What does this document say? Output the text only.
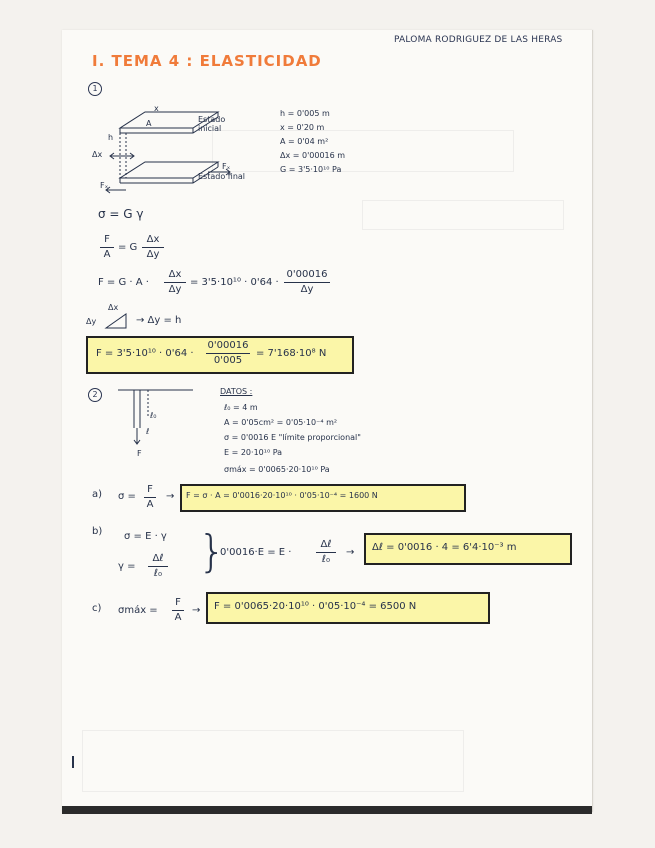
PALOMA RODRIGUEZ DE LAS HERAS
I. TEMA 4 : ELASTICIDAD
1
x
A
h
Δx
Fₓ
Fₓ
Estado inicial
Estado final
h = 0'005 m
x = 0'20 m
A = 0'04 m²
Δx = 0'00016 m
G = 3'5·10¹⁰ Pa
σ = G γ
F
A
= G
Δx
Δy
F = G · A ·
Δx
Δy
= 3'5·10¹⁰ · 0'64 ·
0'00016
Δy
Δx
Δy	→ Δy = h
F = 3'5·10¹⁰ · 0'64 ·
0'00016
0'005
= 7'168·10⁸ N
2
ℓ₀
ℓ
F
DATOS :
ℓ₀ = 4 m
A = 0'05cm² = 0'05·10⁻⁴ m²
σ = 0'0016 E "límite proporcional"
E = 20·10¹⁰ Pa
σmáx = 0'0065·20·10¹⁰ Pa
a) σ =
F
A
→ F = σ · A = 0'0016·20·10¹⁰ · 0'05·10⁻⁴ = 1600 N
b) σ = E · γ
γ =
Δℓ
ℓ₀ }
0'0016·E = E ·
Δℓ
ℓ₀
→ Δℓ = 0'0016 · 4 = 6'4·10⁻³ m
c) σmáx =
F
A
→ F = 0'0065·20·10¹⁰ · 0'05·10⁻⁴ = 6500 N
